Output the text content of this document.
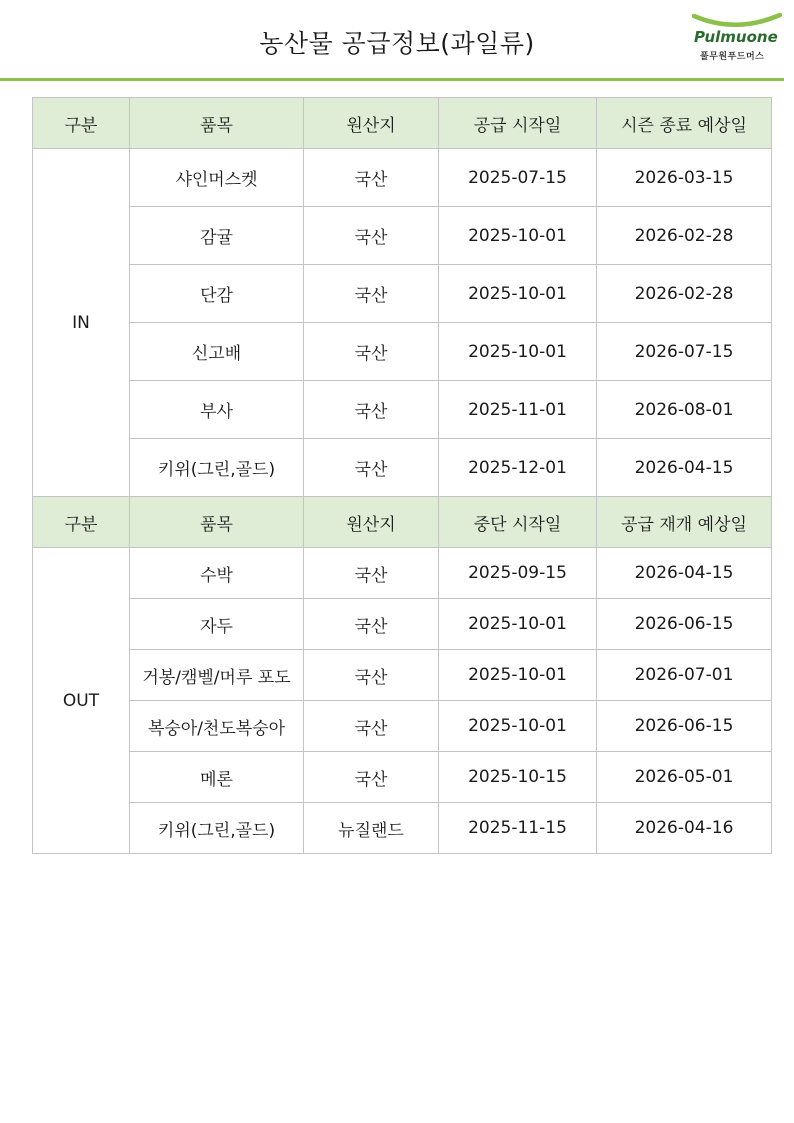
농산물 공급정보(과일류)	Pulmuone
풀무원푸드머스
구분	품목	원산지	공급 시작일	시즌 종료 예상일
IN	샤인머스켓	국산	2025-07-15	2026-03-15
	감귤	국산	2025-10-01	2026-02-28
	단감	국산	2025-10-01	2026-02-28
	신고배	국산	2025-10-01	2026-07-15
	부사	국산	2025-11-01	2026-08-01
	키위(그린,골드)	국산	2025-12-01	2026-04-15
구분	품목	원산지	중단 시작일	공급 재개 예상일
OUT	수박	국산	2025-09-15	2026-04-15
	자두	국산	2025-10-01	2026-06-15
	거봉/캠벨/머루 포도	국산	2025-10-01	2026-07-01
	복숭아/천도복숭아	국산	2025-10-01	2026-06-15
	메론	국산	2025-10-15	2026-05-01
	키위(그린,골드)	뉴질랜드	2025-11-15	2026-04-16
